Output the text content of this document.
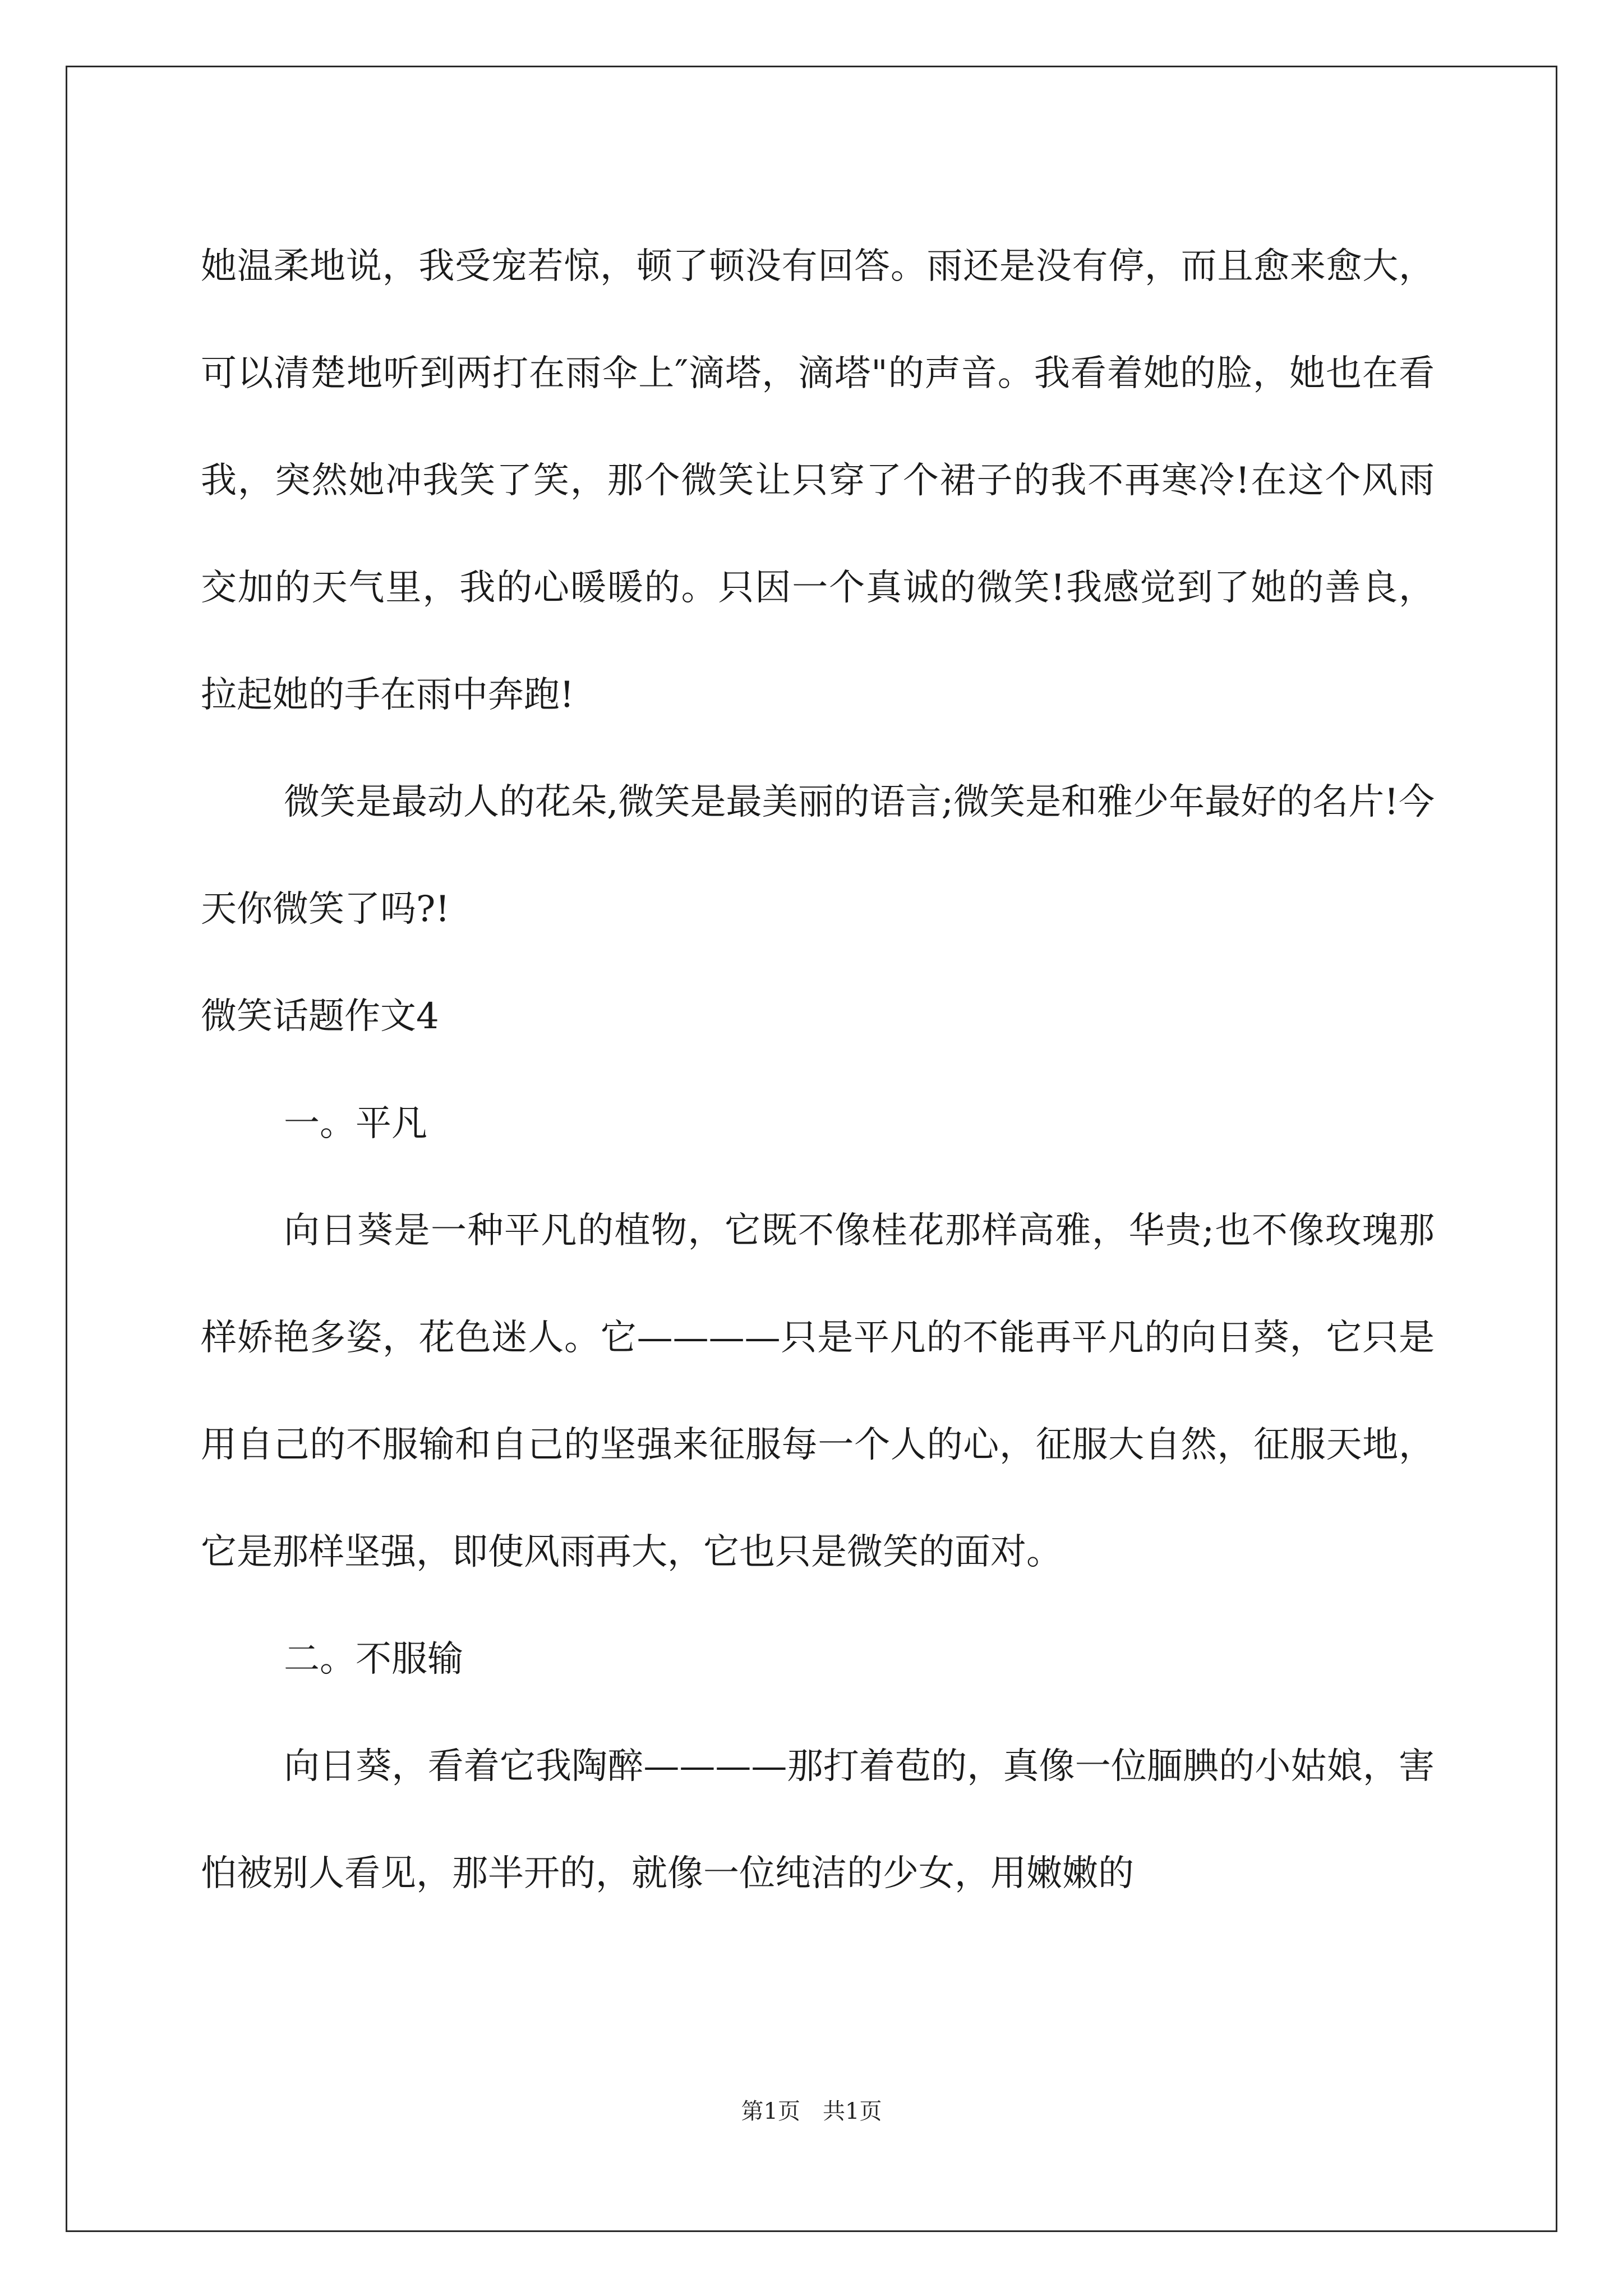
她温柔地说，我受宠若惊，顿了顿没有回答。雨还是没有停，而且愈来愈大，可以清楚地听到两打在雨伞上″滴塔，滴塔"的声音。我看着她的脸，她也在看我，突然她冲我笑了笑，那个微笑让只穿了个裙子的我不再寒冷!在这个风雨交加的天气里，我的心暖暖的。只因一个真诚的微笑!我感觉到了她的善良，拉起她的手在雨中奔跑!

微笑是最动人的花朵,微笑是最美丽的语言;微笑是和雅少年最好的名片!今天你微笑了吗?!

微笑话题作文4

一。平凡

向日葵是一种平凡的植物，它既不像桂花那样高雅，华贵;也不像玫瑰那样娇艳多姿，花色迷人。它————只是平凡的不能再平凡的向日葵，它只是用自己的不服输和自己的坚强来征服每一个人的心，征服大自然，征服天地，它是那样坚强，即使风雨再大，它也只是微笑的面对。

二。不服输

向日葵，看着它我陶醉————那打着苞的，真像一位腼腆的小姑娘，害怕被别人看见，那半开的，就像一位纯洁的少女，用嫩嫩的

第1页　共1页
